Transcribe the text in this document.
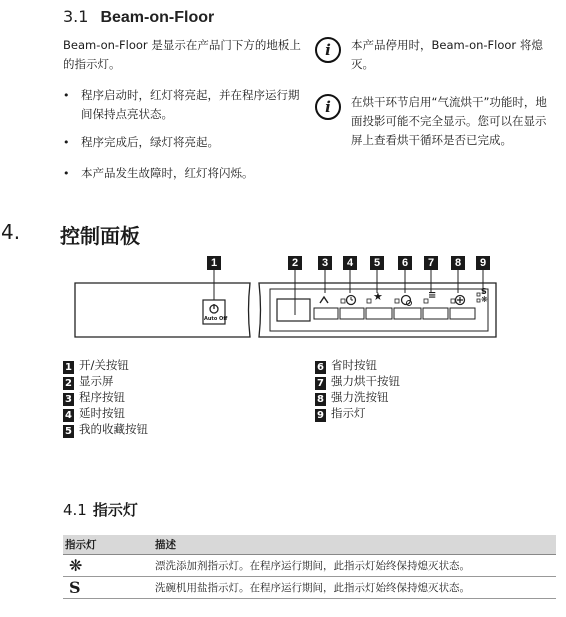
3.1 Beam-on-Floor
Beam-on-Floor 是显示在产品门下方的地板上的指示灯。
• 程序启动时，红灯将亮起，并在程序运行期间保持点亮状态。
• 程序完成后，绿灯将亮起。
• 本产品发生故障时，红灯将闪烁。
i	本产品停用时，Beam-on-Floor 将熄灭。
i	在烘干环节启用“气流烘干”功能时，地面投影可能不完全显示。您可以在显示屏上查看烘干循环是否已完成。
4. 控制面板
1	2	3	4	5	6	7	8	9
★	≡	S
❋
Auto Off
1 开/关按钮
2 显示屏
3 程序按钮
4 延时按钮
5 我的收藏按钮
6 省时按钮
7 强力烘干按钮
8 强力洗按钮
9 指示灯
4.1 指示灯
指示灯	描述
❋	漂洗添加剂指示灯。在程序运行期间，此指示灯始终保持熄灭状态。
S	洗碗机用盐指示灯。在程序运行期间，此指示灯始终保持熄灭状态。
